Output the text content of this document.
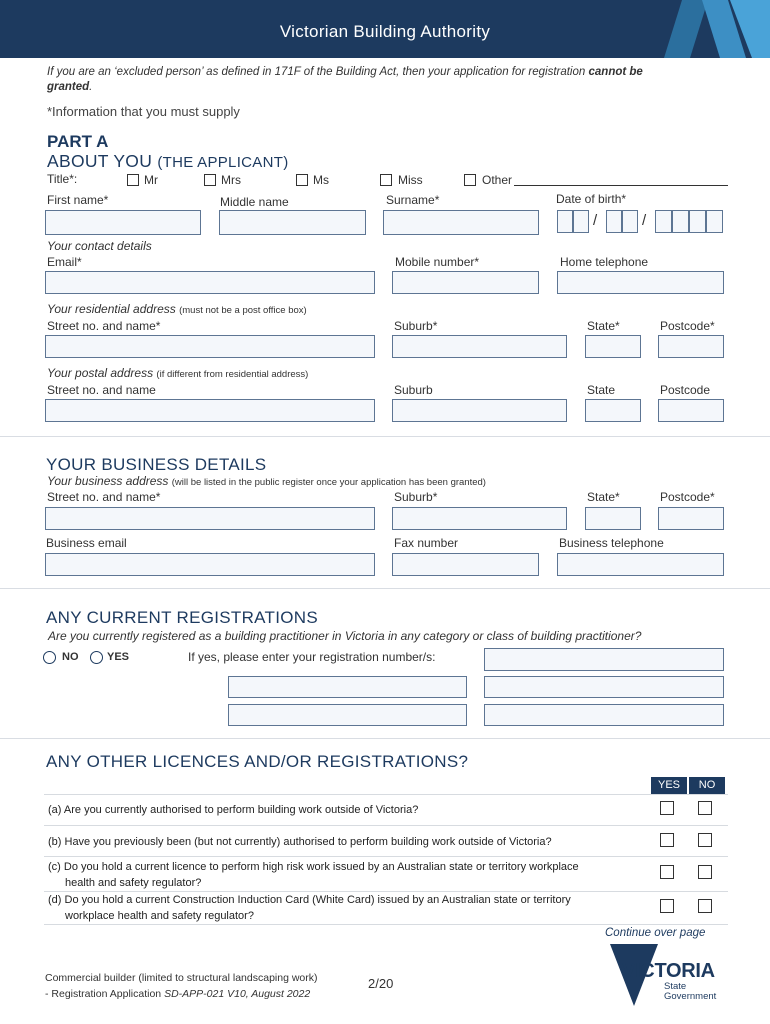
Victorian Building Authority
If you are an ‘excluded person’ as defined in 171F of the Building Act, then your application for registration cannot be
granted.
*Information that you must supply
PART A
ABOUT YOU (THE APPLICANT)
Title*:	Mr	Mrs	Ms	Miss	Other
First name*	Middle name	Surname*	Date of birth*
/	/
Your contact details
Email*	Mobile number*	Home telephone
Your residential address (must not be a post office box)
Street no. and name*	Suburb*	State*	Postcode*
Your postal address (if different from residential address)
Street no. and name	Suburb	State	Postcode
YOUR BUSINESS DETAILS
Your business address (will be listed in the public register once your application has been granted)
Street no. and name*	Suburb*	State*	Postcode*
Business email	Fax number	Business telephone
ANY CURRENT REGISTRATIONS
Are you currently registered as a building practitioner in Victoria in any category or class of building practitioner?
NO	YES	If yes, please enter your registration number/s:
ANY OTHER LICENCES AND/OR REGISTRATIONS?
YES	NO
(a) Are you currently authorised to perform building work outside of Victoria?
(b) Have you previously been (but not currently) authorised to perform building work outside of Victoria?
(c) Do you hold a current licence to perform high risk work issued by an Australian state or territory workplace
health and safety regulator?
(d) Do you hold a current Construction Induction Card (White Card) issued by an Australian state or territory
workplace health and safety regulator?
Continue over page
Commercial builder (limited to structural landscaping work)
- Registration Application SD-APP-021 V10, August 2022
2/20
VICTORIA
State
Government
